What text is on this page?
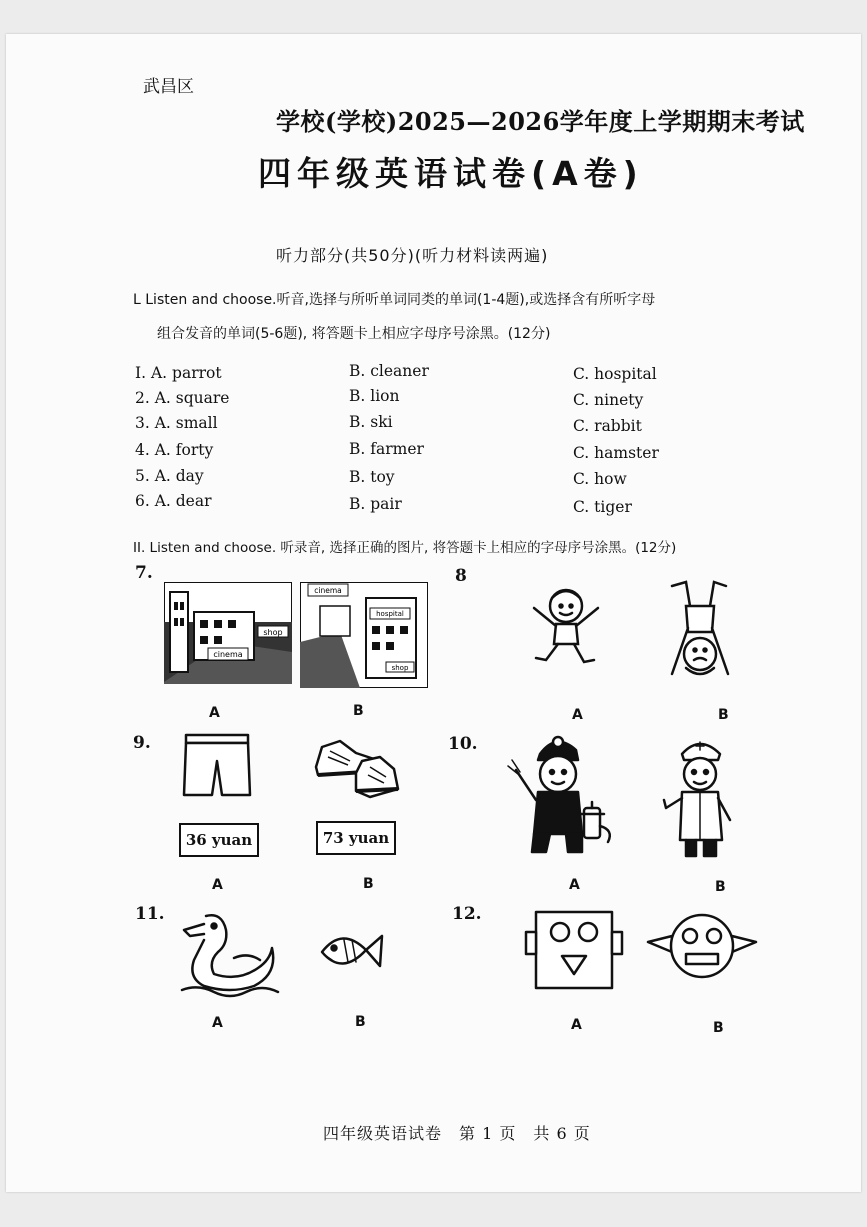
武昌区
学校(学校)2025—2026学年度上学期期末考试
四年级英语试卷(A卷)
听力部分(共50分)(听力材料读两遍)
L Listen and choose.听音,选择与所听单词同类的单词(1-4题),或选择含有所听字母
组合发音的单词(5-6题), 将答题卡上相应字母序号涂黑。(12分)
I. A. parrot	B. cleaner	C. hospital
2. A. square	B. lion	C. ninety
3. A. small	B. ski	C. rabbit
4. A. forty	B. farmer	C. hamster
5. A. day	B. toy	C. how
6. A. dear	B. pair	C. tiger
II. Listen and choose. 听录音, 选择正确的图片, 将答题卡上相应的字母序号涂黑。(12分)
7.
shop
cinema
cinema
hospital
shop
A	B
8
A	B
9.
36 yuan	73 yuan
A	B
10.
A	B
11.
A	B
12.
A	B
四年级英语试卷　第 1 页　共 6 页
